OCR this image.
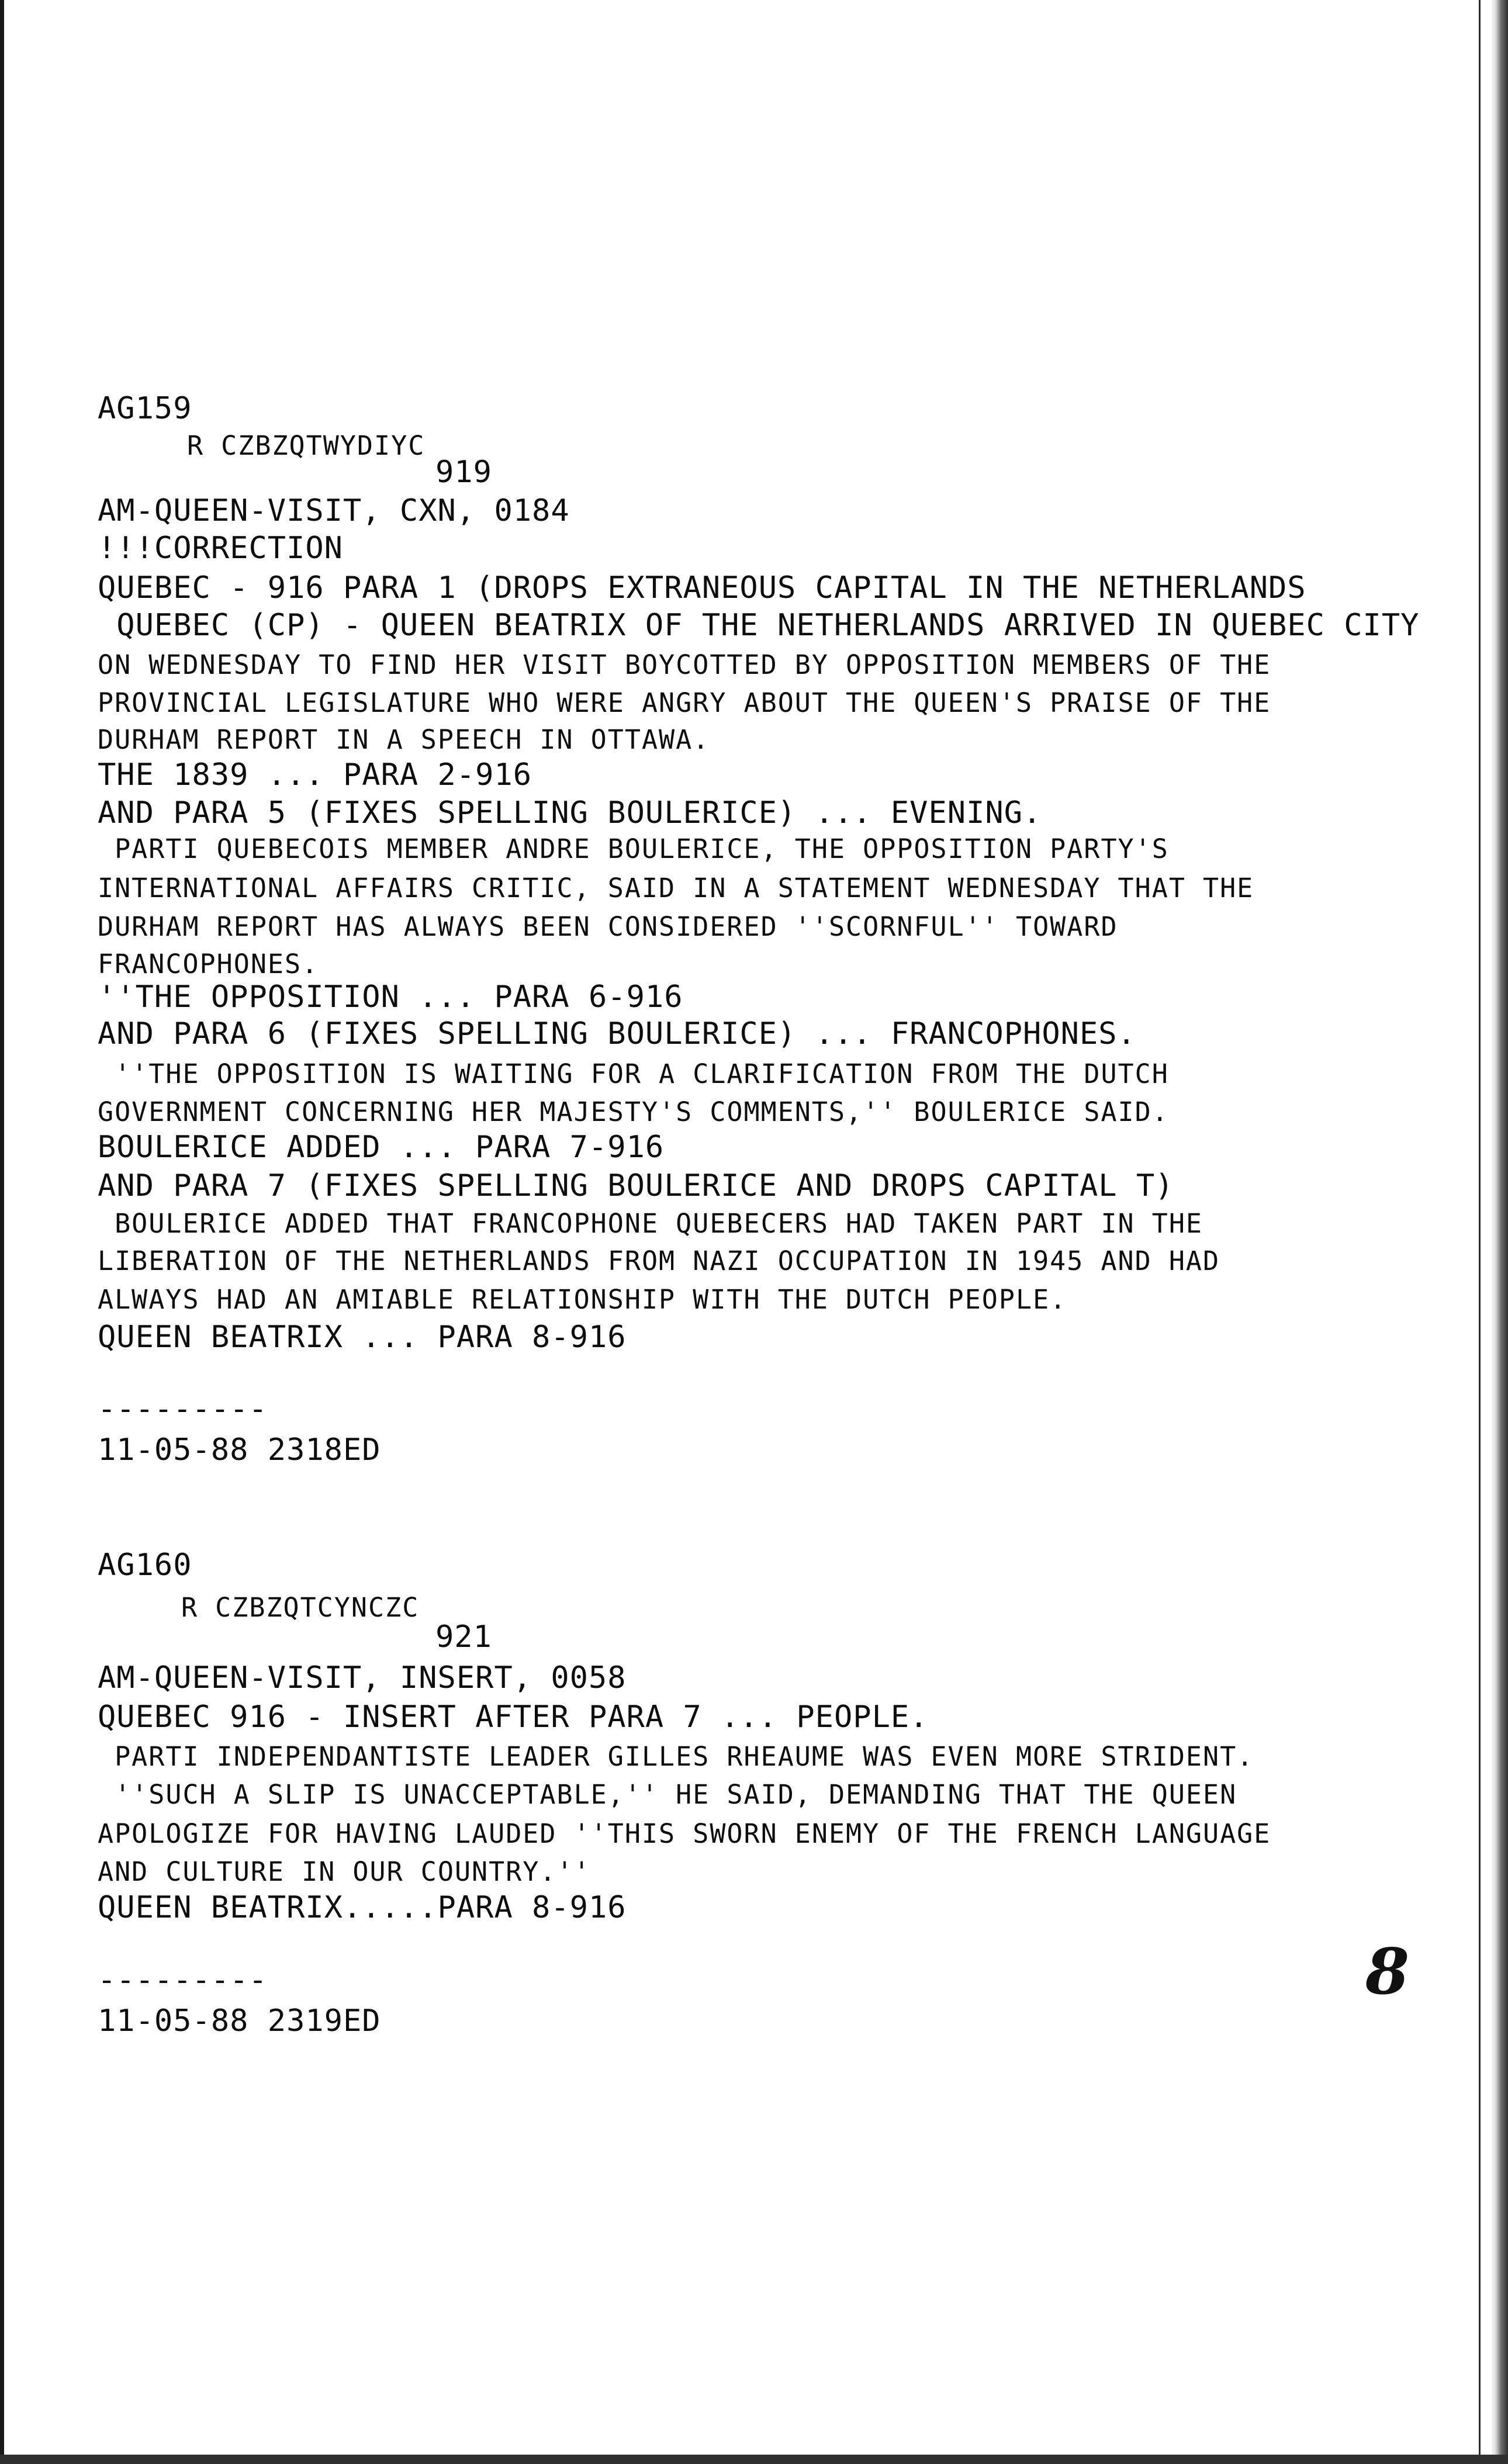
AG159
R CZBZQTWYDIYC
919
AM-QUEEN-VISIT, CXN, 0184
!!!CORRECTION
QUEBEC - 916 PARA 1 (DROPS EXTRANEOUS CAPITAL IN THE NETHERLANDS
QUEBEC (CP) - QUEEN BEATRIX OF THE NETHERLANDS ARRIVED IN QUEBEC CITY
ON WEDNESDAY TO FIND HER VISIT BOYCOTTED BY OPPOSITION MEMBERS OF THE
PROVINCIAL LEGISLATURE WHO WERE ANGRY ABOUT THE QUEEN'S PRAISE OF THE
DURHAM REPORT IN A SPEECH IN OTTAWA.
THE 1839 ... PARA 2-916
AND PARA 5 (FIXES SPELLING BOULERICE) ... EVENING.
PARTI QUEBECOIS MEMBER ANDRE BOULERICE, THE OPPOSITION PARTY'S
INTERNATIONAL AFFAIRS CRITIC, SAID IN A STATEMENT WEDNESDAY THAT THE
DURHAM REPORT HAS ALWAYS BEEN CONSIDERED ''SCORNFUL'' TOWARD
FRANCOPHONES.
''THE OPPOSITION ... PARA 6-916
AND PARA 6 (FIXES SPELLING BOULERICE) ... FRANCOPHONES.
''THE OPPOSITION IS WAITING FOR A CLARIFICATION FROM THE DUTCH
GOVERNMENT CONCERNING HER MAJESTY'S COMMENTS,'' BOULERICE SAID.
BOULERICE ADDED ... PARA 7-916
AND PARA 7 (FIXES SPELLING BOULERICE AND DROPS CAPITAL T)
BOULERICE ADDED THAT FRANCOPHONE QUEBECERS HAD TAKEN PART IN THE
LIBERATION OF THE NETHERLANDS FROM NAZI OCCUPATION IN 1945 AND HAD
ALWAYS HAD AN AMIABLE RELATIONSHIP WITH THE DUTCH PEOPLE.
QUEEN BEATRIX ... PARA 8-916
---------
11-05-88 2318ED
AG160
R CZBZQTCYNCZC
921
AM-QUEEN-VISIT, INSERT, 0058
QUEBEC 916 - INSERT AFTER PARA 7 ... PEOPLE.
PARTI INDEPENDANTISTE LEADER GILLES RHEAUME WAS EVEN MORE STRIDENT.
''SUCH A SLIP IS UNACCEPTABLE,'' HE SAID, DEMANDING THAT THE QUEEN
APOLOGIZE FOR HAVING LAUDED ''THIS SWORN ENEMY OF THE FRENCH LANGUAGE
AND CULTURE IN OUR COUNTRY.''
QUEEN BEATRIX.....PARA 8-916
---------
11-05-88 2319ED
8
